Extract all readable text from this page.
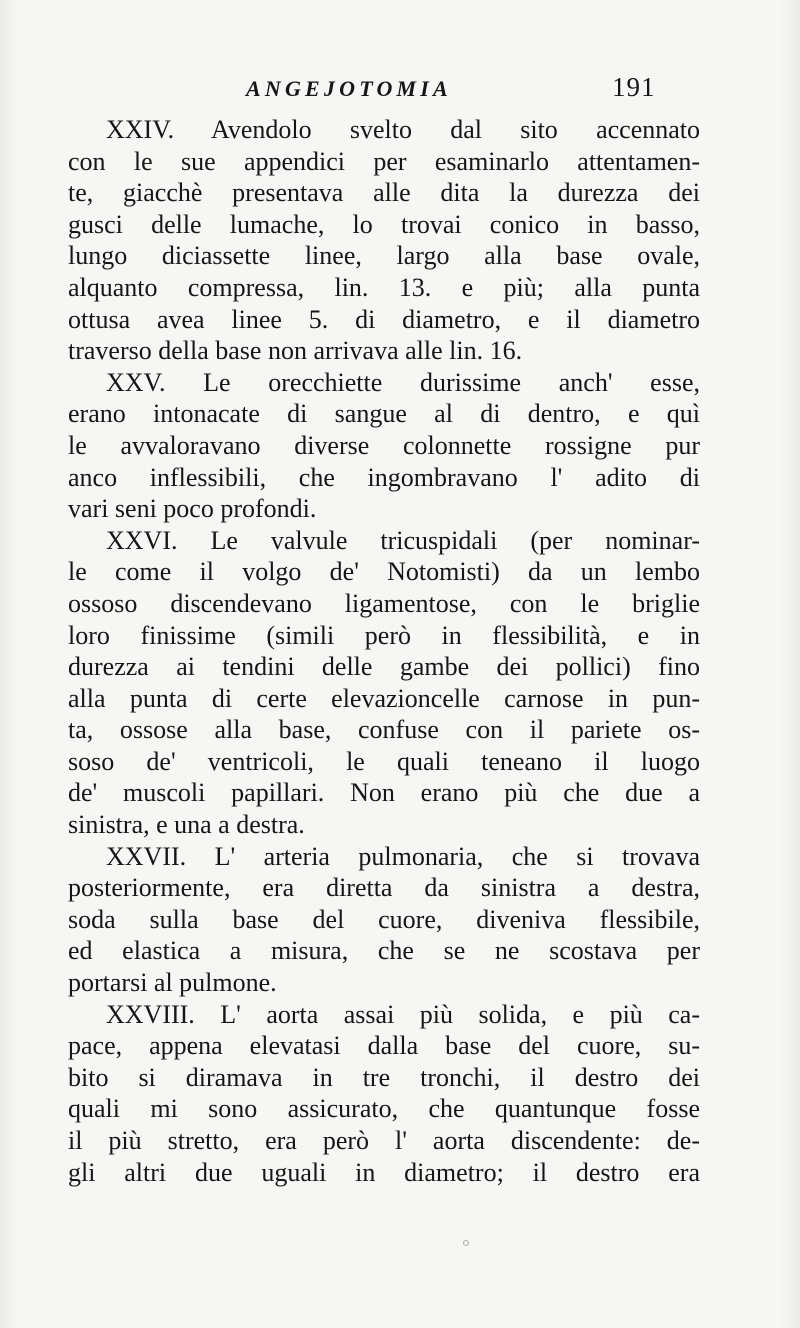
ANGEJOTOMIA	191
XXIV. Avendolo svelto dal sito accennato
con le sue appendici per esaminarlo attentamen-
te, giacchè presentava alle dita la durezza dei
gusci delle lumache, lo trovai conico in basso,
lungo diciassette linee, largo alla base ovale,
alquanto compressa, lin. 13. e più; alla punta
ottusa avea linee 5. di diametro, e il diametro
traverso della base non arrivava alle lin. 16.
XXV. Le orecchiette durissime anch' esse,
erano intonacate di sangue al di dentro, e quì
le avvaloravano diverse colonnette rossigne pur
anco inflessibili, che ingombravano l' adito di
vari seni poco profondi.
XXVI. Le valvule tricuspidali (per nominar-
le come il volgo de' Notomisti) da un lembo
ossoso discendevano ligamentose, con le briglie
loro finissime (simili però in flessibilità, e in
durezza ai tendini delle gambe dei pollici) fino
alla punta di certe elevazioncelle carnose in pun-
ta, ossose alla base, confuse con il pariete os-
soso de' ventricoli, le quali teneano il luogo
de' muscoli papillari. Non erano più che due a
sinistra, e una a destra.
XXVII. L' arteria pulmonaria, che si trovava
posteriormente, era diretta da sinistra a destra,
soda sulla base del cuore, diveniva flessibile,
ed elastica a misura, che se ne scostava per
portarsi al pulmone.
XXVIII. L' aorta assai più solida, e più ca-
pace, appena elevatasi dalla base del cuore, su-
bito si diramava in tre tronchi, il destro dei
quali mi sono assicurato, che quantunque fosse
il più stretto, era però l' aorta discendente: de-
gli altri due uguali in diametro; il destro era
